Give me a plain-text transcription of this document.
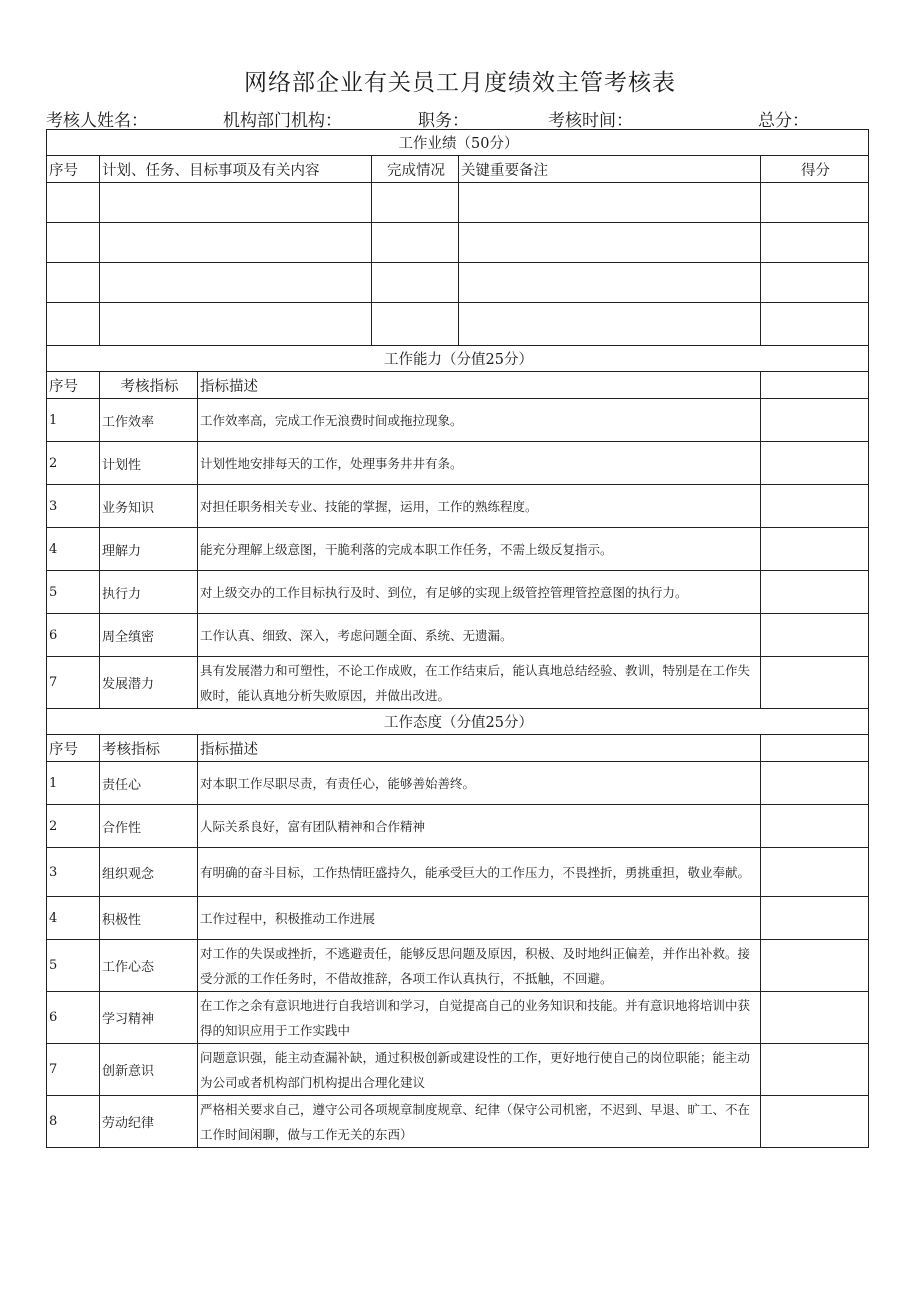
网络部企业有关员工月度绩效主管考核表
考核人姓名：	机构部门机构：	职务：	考核时间：	总分：
工作业绩（50分）					
序号	计划、任务、目标事项及有关内容		完成情况	关键重要备注	得分

工作能力（分值25分）					
序号	考核指标	指标描述			
1	工作效率	工作效率高，完成工作无浪费时间或拖拉现象。			
2	计划性	计划性地安排每天的工作，处理事务井井有条。			
3	业务知识	对担任职务相关专业、技能的掌握，运用，工作的熟练程度。			
4	理解力	能充分理解上级意图，干脆利落的完成本职工作任务，不需上级反复指示。			
5	执行力	对上级交办的工作目标执行及时、到位，有足够的实现上级管控管理管控意图的执行力。			
6	周全缜密	工作认真、细致、深入，考虑问题全面、系统、无遗漏。			
7	发展潜力	具有发展潜力和可塑性，不论工作成败，在工作结束后，能认真地总结经验、教训，特别是在工作失败时，能认真地分析失败原因，并做出改进。			
工作态度（分值25分）					
序号	考核指标	指标描述			
1	责任心	对本职工作尽职尽责，有责任心，能够善始善终。			
2	合作性	人际关系良好，富有团队精神和合作精神			
3	组织观念	有明确的奋斗目标，工作热情旺盛持久，能承受巨大的工作压力，不畏挫折，勇挑重担，敬业奉献。			
4	积极性	工作过程中，积极推动工作进展			
5	工作心态	对工作的失误或挫折，不逃避责任，能够反思问题及原因，积极、及时地纠正偏差，并作出补救。接受分派的工作任务时，不借故推辞，各项工作认真执行，不抵触，不回避。			
6	学习精神	在工作之余有意识地进行自我培训和学习，自觉提高自己的业务知识和技能。并有意识地将培训中获得的知识应用于工作实践中			
7	创新意识	问题意识强，能主动查漏补缺，通过积极创新或建设性的工作，更好地行使自己的岗位职能；能主动为公司或者机构部门机构提出合理化建议			
8	劳动纪律	严格相关要求自己，遵守公司各项规章制度规章、纪律（保守公司机密，不迟到、早退、旷工、不在工作时间闲聊，做与工作无关的东西）			
